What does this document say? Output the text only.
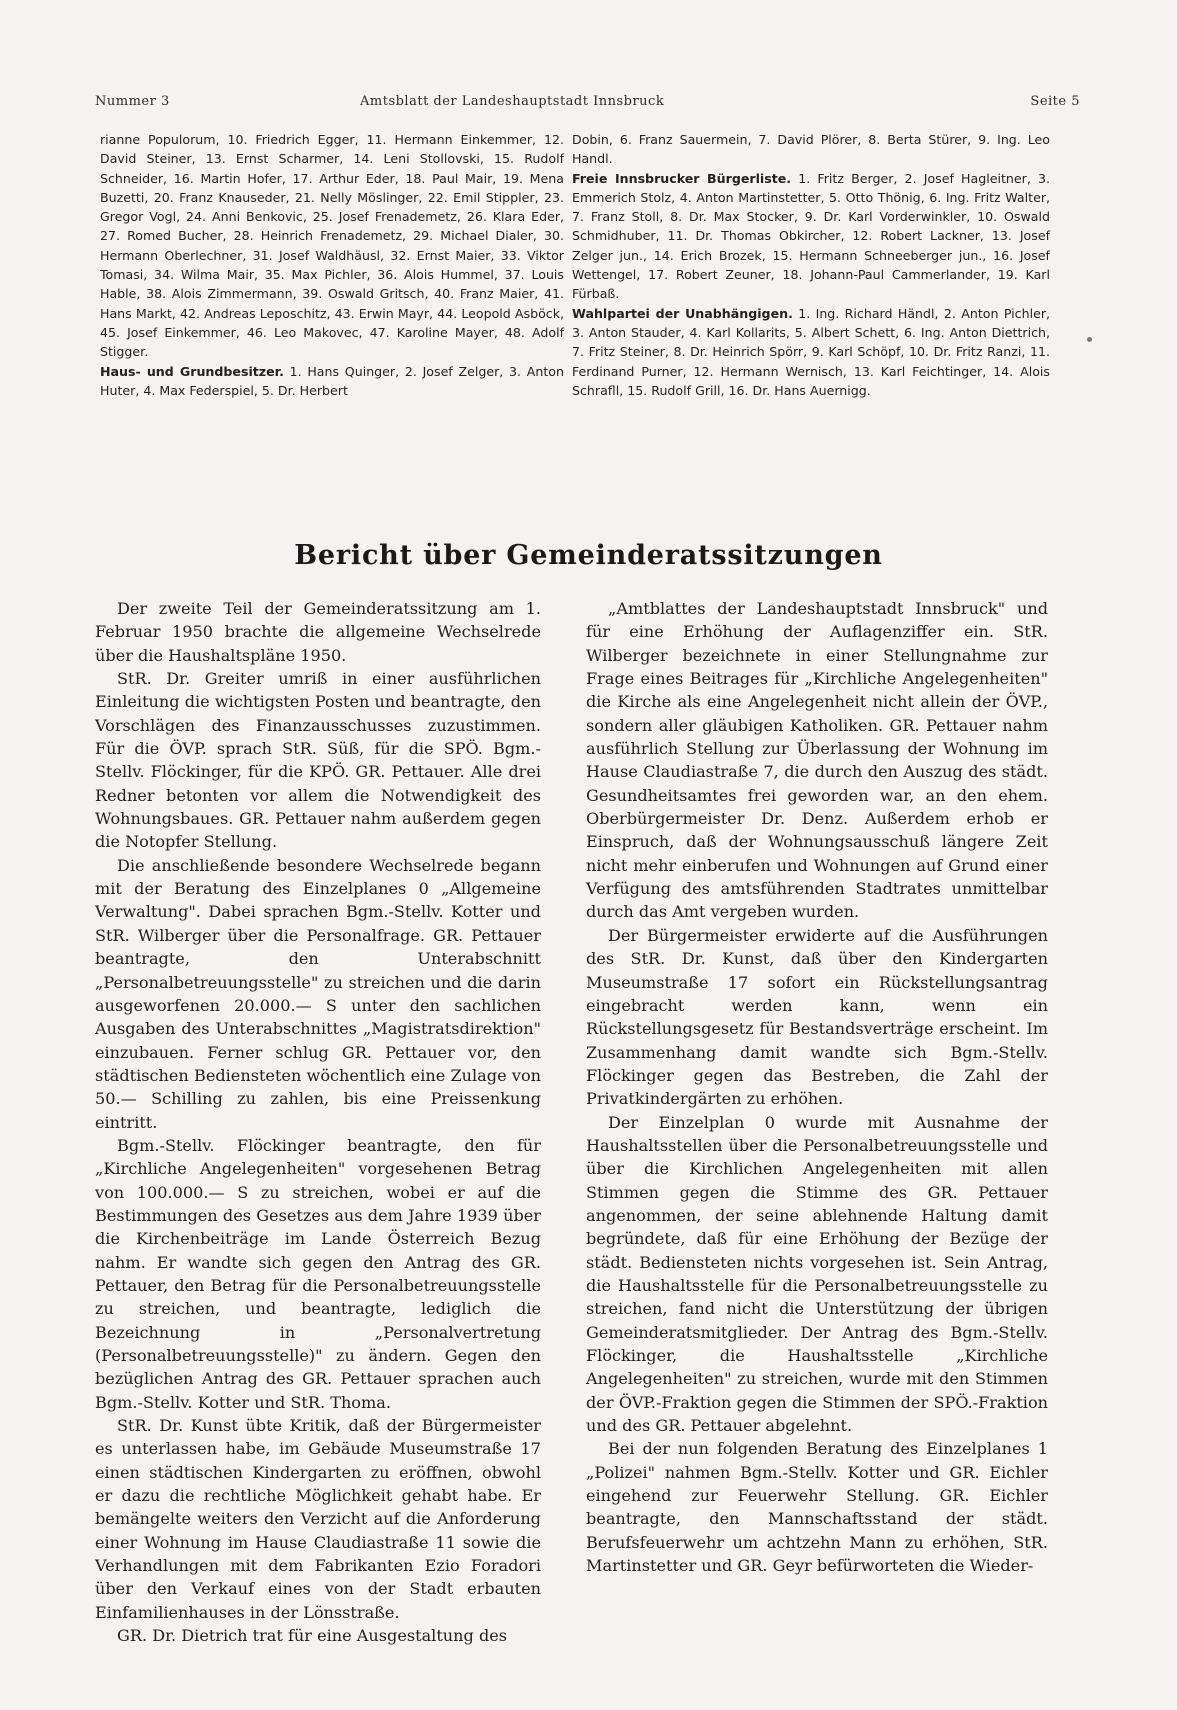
Nummer 3	Amtsblatt der Landeshauptstadt Innsbruck	Seite 5

rianne Populorum, 10. Friedrich Egger, 11. Hermann Einkemmer, 12. David Steiner, 13. Ernst Scharmer, 14. Leni Stollovski, 15. Rudolf Schneider, 16. Martin Hofer, 17. Arthur Eder, 18. Paul Mair, 19. Mena Buzetti, 20. Franz Knauseder, 21. Nelly Möslinger, 22. Emil Stippler, 23. Gregor Vogl, 24. Anni Benkovic, 25. Josef Frenademetz, 26. Klara Eder, 27. Romed Bucher, 28. Heinrich Frenademetz, 29. Michael Dialer, 30. Hermann Oberlechner, 31. Josef Waldhäusl, 32. Ernst Maier, 33. Viktor Tomasi, 34. Wilma Mair, 35. Max Pichler, 36. Alois Hummel, 37. Louis Hable, 38. Alois Zimmermann, 39. Oswald Gritsch, 40. Franz Maier, 41. Hans Markt, 42. Andreas Leposchitz, 43. Erwin Mayr, 44. Leopold Asböck, 45. Josef Einkemmer, 46. Leo Makovec, 47. Karoline Mayer, 48. Adolf Stigger.

Haus- und Grundbesitzer. 1. Hans Quinger, 2. Josef Zelger, 3. Anton Huter, 4. Max Federspiel, 5. Dr. Herbert

Dobin, 6. Franz Sauermein, 7. David Plörer, 8. Berta Stürer, 9. Ing. Leo Handl.

Freie Innsbrucker Bürgerliste. 1. Fritz Berger, 2. Josef Hagleitner, 3. Emmerich Stolz, 4. Anton Martinstetter, 5. Otto Thönig, 6. Ing. Fritz Walter, 7. Franz Stoll, 8. Dr. Max Stocker, 9. Dr. Karl Vorderwinkler, 10. Oswald Schmidhuber, 11. Dr. Thomas Obkircher, 12. Robert Lackner, 13. Josef Zelger jun., 14. Erich Brozek, 15. Hermann Schneeberger jun., 16. Josef Wettengel, 17. Robert Zeuner, 18. Johann-Paul Cammerlander, 19. Karl Fürbaß.

Wahlpartei der Unabhängigen. 1. Ing. Richard Händl, 2. Anton Pichler, 3. Anton Stauder, 4. Karl Kollarits, 5. Albert Schett, 6. Ing. Anton Diettrich, 7. Fritz Steiner, 8. Dr. Heinrich Spörr, 9. Karl Schöpf, 10. Dr. Fritz Ranzi, 11. Ferdinand Purner, 12. Hermann Wernisch, 13. Karl Feichtinger, 14. Alois Schrafll, 15. Rudolf Grill, 16. Dr. Hans Auernigg.

Bericht über Gemeinderatssitzungen

Der zweite Teil der Gemeinderatssitzung am 1. Februar 1950 brachte die allgemeine Wechselrede über die Haushaltspläne 1950.

StR. Dr. Greiter umriß in einer ausführlichen Einleitung die wichtigsten Posten und beantragte, den Vorschlägen des Finanzausschusses zuzustimmen. Für die ÖVP. sprach StR. Süß, für die SPÖ. Bgm.-Stellv. Flöckinger, für die KPÖ. GR. Pettauer. Alle drei Redner betonten vor allem die Notwendigkeit des Wohnungsbaues. GR. Pettauer nahm außerdem gegen die Notopfer Stellung.

Die anschließende besondere Wechselrede begann mit der Beratung des Einzelplanes 0 „Allgemeine Verwaltung". Dabei sprachen Bgm.-Stellv. Kotter und StR. Wilberger über die Personalfrage. GR. Pettauer beantragte, den Unterabschnitt „Personalbetreuungsstelle" zu streichen und die darin ausgeworfenen 20.000.— S unter den sachlichen Ausgaben des Unterabschnittes „Magistratsdirektion" einzubauen. Ferner schlug GR. Pettauer vor, den städtischen Bediensteten wöchentlich eine Zulage von 50.— Schilling zu zahlen, bis eine Preissenkung eintritt.

Bgm.-Stellv. Flöckinger beantragte, den für „Kirchliche Angelegenheiten" vorgesehenen Betrag von 100.000.— S zu streichen, wobei er auf die Bestimmungen des Gesetzes aus dem Jahre 1939 über die Kirchenbeiträge im Lande Österreich Bezug nahm. Er wandte sich gegen den Antrag des GR. Pettauer, den Betrag für die Personalbetreuungsstelle zu streichen, und beantragte, lediglich die Bezeichnung in „Personalvertretung (Personalbetreuungsstelle)" zu ändern. Gegen den bezüglichen Antrag des GR. Pettauer sprachen auch Bgm.-Stellv. Kotter und StR. Thoma.

StR. Dr. Kunst übte Kritik, daß der Bürgermeister es unterlassen habe, im Gebäude Museumstraße 17 einen städtischen Kindergarten zu eröffnen, obwohl er dazu die rechtliche Möglichkeit gehabt habe. Er bemängelte weiters den Verzicht auf die Anforderung einer Wohnung im Hause Claudiastraße 11 sowie die Verhandlungen mit dem Fabrikanten Ezio Foradori über den Verkauf eines von der Stadt erbauten Einfamilienhauses in der Lönsstraße.

GR. Dr. Dietrich trat für eine Ausgestaltung des

„Amtblattes der Landeshauptstadt Innsbruck" und für eine Erhöhung der Auflagenziffer ein. StR. Wilberger bezeichnete in einer Stellungnahme zur Frage eines Beitrages für „Kirchliche Angelegenheiten" die Kirche als eine Angelegenheit nicht allein der ÖVP., sondern aller gläubigen Katholiken. GR. Pettauer nahm ausführlich Stellung zur Überlassung der Wohnung im Hause Claudiastraße 7, die durch den Auszug des städt. Gesundheitsamtes frei geworden war, an den ehem. Oberbürgermeister Dr. Denz. Außerdem erhob er Einspruch, daß der Wohnungsausschuß längere Zeit nicht mehr einberufen und Wohnungen auf Grund einer Verfügung des amtsführenden Stadtrates unmittelbar durch das Amt vergeben wurden.

Der Bürgermeister erwiderte auf die Ausführungen des StR. Dr. Kunst, daß über den Kindergarten Museumstraße 17 sofort ein Rückstellungsantrag eingebracht werden kann, wenn ein Rückstellungsgesetz für Bestandsverträge erscheint. Im Zusammenhang damit wandte sich Bgm.-Stellv. Flöckinger gegen das Bestreben, die Zahl der Privatkindergärten zu erhöhen.

Der Einzelplan 0 wurde mit Ausnahme der Haushaltsstellen über die Personalbetreuungsstelle und über die Kirchlichen Angelegenheiten mit allen Stimmen gegen die Stimme des GR. Pettauer angenommen, der seine ablehnende Haltung damit begründete, daß für eine Erhöhung der Bezüge der städt. Bediensteten nichts vorgesehen ist. Sein Antrag, die Haushaltsstelle für die Personalbetreuungsstelle zu streichen, fand nicht die Unterstützung der übrigen Gemeinderatsmitglieder. Der Antrag des Bgm.-Stellv. Flöckinger, die Haushaltsstelle „Kirchliche Angelegenheiten" zu streichen, wurde mit den Stimmen der ÖVP.-Fraktion gegen die Stimmen der SPÖ.-Fraktion und des GR. Pettauer abgelehnt.

Bei der nun folgenden Beratung des Einzelplanes 1 „Polizei" nahmen Bgm.-Stellv. Kotter und GR. Eichler eingehend zur Feuerwehr Stellung. GR. Eichler beantragte, den Mannschaftsstand der städt. Berufsfeuerwehr um achtzehn Mann zu erhöhen, StR. Martinstetter und GR. Geyr befürworteten die Wieder-
